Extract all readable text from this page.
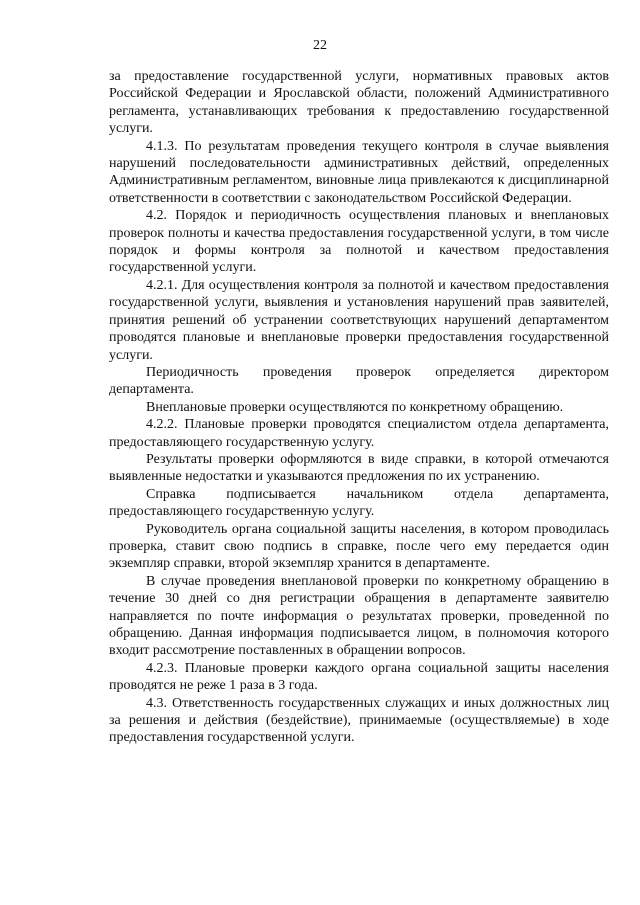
22

за предоставление государственной услуги, нормативных правовых актов Российской Федерации и Ярославской области, положений Административного регламента, устанавливающих требования к предоставлению государственной услуги.

4.1.3. По результатам проведения текущего контроля в случае выявления нарушений последовательности административных действий, определенных Административным регламентом, виновные лица привлекаются к дисциплинарной ответственности в соответствии с законодательством Российской Федерации.

4.2. Порядок и периодичность осуществления плановых и внеплановых проверок полноты и качества предоставления государственной услуги, в том числе порядок и формы контроля за полнотой и качеством предоставления государственной услуги.

4.2.1. Для осуществления контроля за полнотой и качеством предоставления государственной услуги, выявления и установления нарушений прав заявителей, принятия решений об устранении соответствующих нарушений департаментом проводятся плановые и внеплановые проверки предоставления государственной услуги.

Периодичность проведения проверок определяется директором департамента.

Внеплановые проверки осуществляются по конкретному обращению.

4.2.2. Плановые проверки проводятся специалистом отдела департамента, предоставляющего государственную услугу.

Результаты проверки оформляются в виде справки, в которой отмечаются выявленные недостатки и указываются предложения по их устранению.

Справка подписывается начальником отдела департамента, предоставляющего государственную услугу.

Руководитель органа социальной защиты населения, в котором проводилась проверка, ставит свою подпись в справке, после чего ему передается один экземпляр справки, второй экземпляр хранится в департаменте.

В случае проведения внеплановой проверки по конкретному обращению в течение 30 дней со дня регистрации обращения в департаменте заявителю направляется по почте информация о результатах проверки, проведенной по обращению. Данная информация подписывается лицом, в полномочия которого входит рассмотрение поставленных в обращении вопросов.

4.2.3. Плановые проверки каждого органа социальной защиты населения проводятся не реже 1 раза в 3 года.

4.3. Ответственность государственных служащих и иных должностных лиц за решения и действия (бездействие), принимаемые (осуществляемые) в ходе предоставления государственной услуги.
